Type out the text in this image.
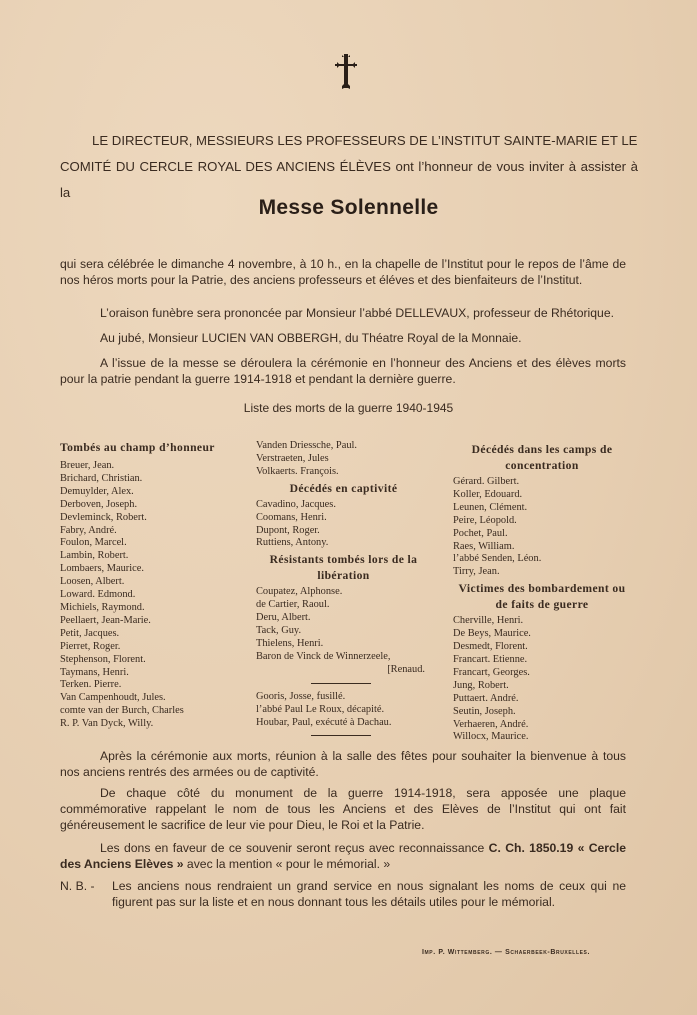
LE DIRECTEUR, MESSIEURS LES PROFESSEURS DE L’INSTITUT SAINTE-MARIE ET LE
COMITÉ DU CERCLE ROYAL DES ANCIENS ÉLÈVES ont l’honneur de vous inviter à assister à la
Messe Solennelle

qui sera célébrée le dimanche 4 novembre, à 10 h., en la chapelle de l’Institut pour le repos de l’âme de nos héros morts pour la Patrie, des anciens professeurs et éléves et des bienfaiteurs de l’Institut.

L’oraison funèbre sera prononcée par Monsieur l’abbé DELLEVAUX, professeur de Rhétorique.

Au jubé, Monsieur LUCIEN VAN OBBERGH, du Théatre Royal de la Monnaie.

A l’issue de la messe se déroulera la cérémonie en l’honneur des Anciens et des élèves morts pour la patrie pendant la guerre 1914-1918 et pendant la dernière guerre.

Liste des morts de la guerre 1940-1945
Tombés au champ d’honneur
Breuer, Jean.
Brichard, Christian.
Demuylder, Alex.
Derboven, Joseph.
Devleminck, Robert.
Fabry, André.
Foulon, Marcel.
Lambin, Robert.
Lombaers, Maurice.
Loosen, Albert.
Loward. Edmond.
Michiels, Raymond.
Peellaert, Jean-Marie.
Petit, Jacques.
Pierret, Roger.
Stephenson, Florent.
Taymans, Henri.
Terken. Pierre.
Van Campenhoudt, Jules.
comte van der Burch, Charles
R. P. Van Dyck, Willy.
Vanden Driessche, Paul.
Verstraeten, Jules
Volkaerts. François.
Décédés en captivité
Cavadino, Jacques.
Coomans, Henri.
Dupont, Roger.
Ruttiens, Antony.
Résistants tombés lors de la libération
Coupatez, Alphonse.
de Cartier, Raoul.
Deru, Albert.
Tack, Guy.
Thielens, Henri.
Baron de Vinck de Winnerzeele,
[Renaud.
Gooris, Josse, fusillé.
l’abbé Paul Le Roux, décapité.
Houbar, Paul, exécuté à Dachau.
Décédés dans les camps de concentration
Gérard. Gilbert.
Koller, Edouard.
Leunen, Clément.
Peire, Léopold.
Pochet, Paul.
Raes, William.
l’abbé Senden, Léon.
Tirry, Jean.
Victimes des bombardement ou de faits de guerre
Cherville, Henri.
De Beys, Maurice.
Desmedt, Florent.
Francart. Etienne.
Francart, Georges.
Jung, Robert.
Puttaert. André.
Seutin, Joseph.
Verhaeren, André.
Willocx, Maurice.

Après la cérémonie aux morts, réunion à la salle des fêtes pour souhaiter la bienvenue à tous nos anciens rentrés des armées ou de captivité.

De chaque côté du monument de la guerre 1914-1918, sera apposée une plaque commémorative rappelant le nom de tous les Anciens et des Elèves de l’Institut qui ont fait généreusement le sacrifice de leur vie pour Dieu, le Roi et la Patrie.

Les dons en faveur de ce souvenir seront reçus avec reconnaissance C. Ch. 1850.19 « Cercle des Anciens Elèves » avec la mention « pour le mémorial. »

N. B. -	Les anciens nous rendraient un grand service en nous signalant les noms de ceux qui ne figurent pas sur la liste et en nous donnant tous les détails utiles pour le mémorial.
Imp. P. Wittemberg. — Schaerbeek-Bruxelles.
